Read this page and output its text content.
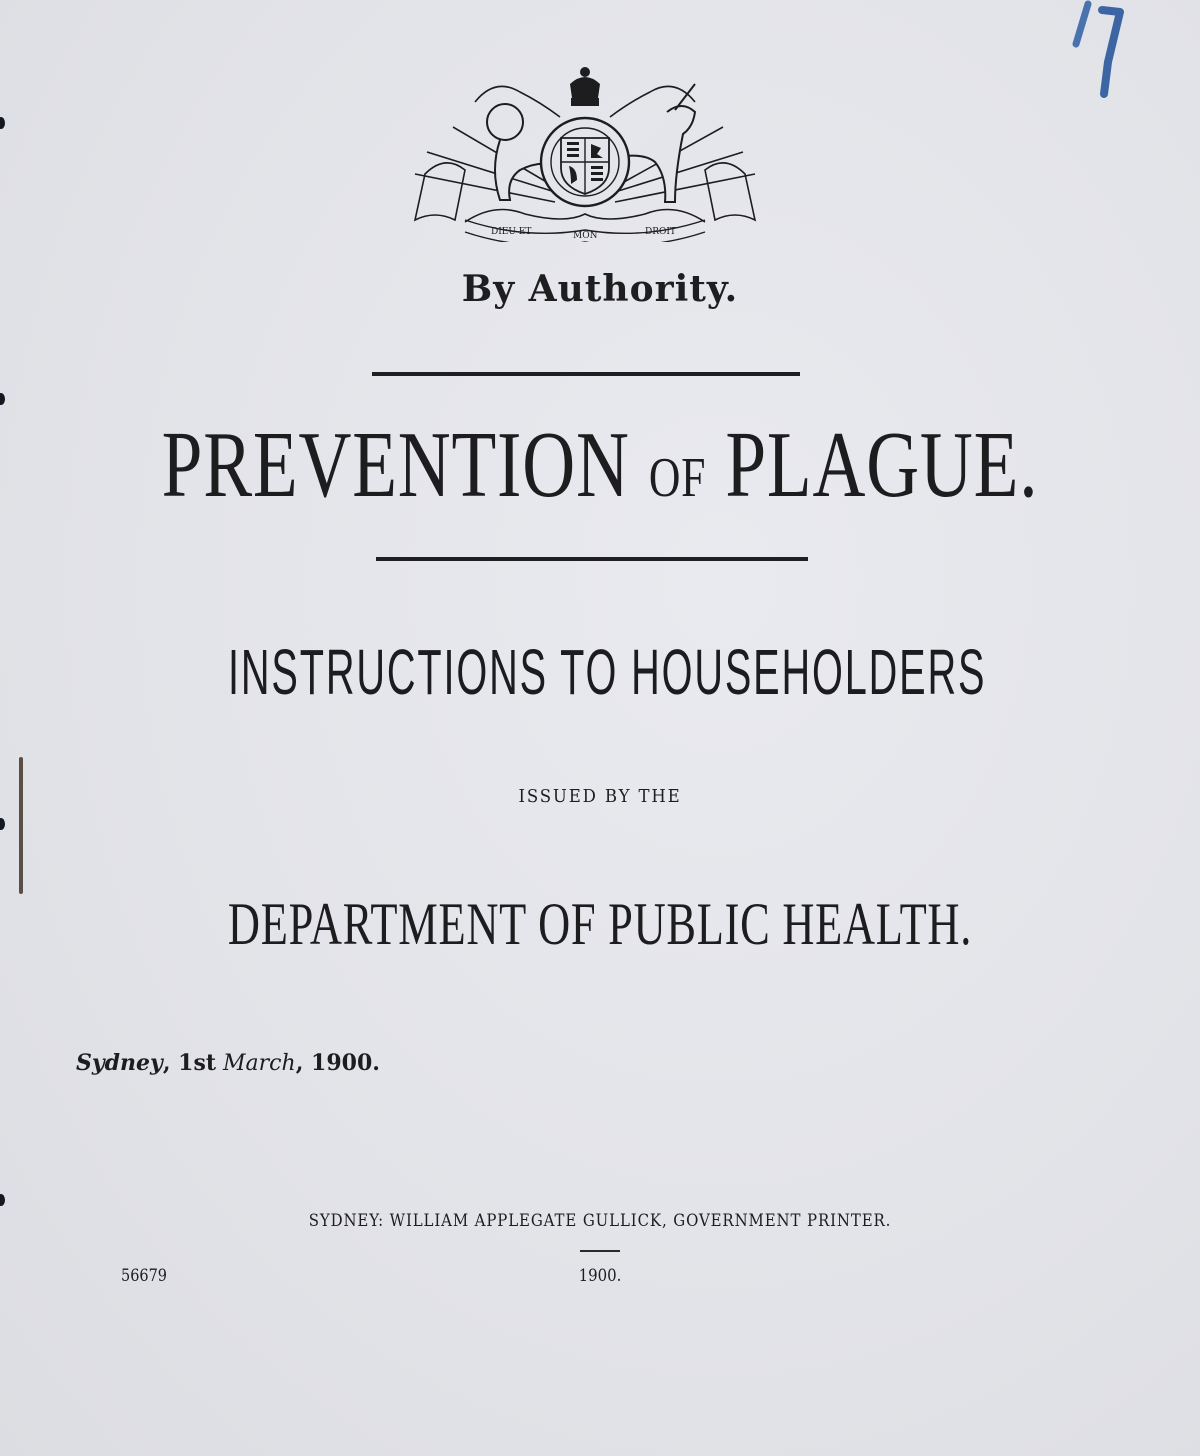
DIEU ET	MON	DROIT
By Authority.
PREVENTION OF PLAGUE.
INSTRUCTIONS TO HOUSEHOLDERS
ISSUED BY THE
DEPARTMENT OF PUBLIC HEALTH.
Sydney, 1st March, 1900.
SYDNEY: WILLIAM APPLEGATE GULLICK, GOVERNMENT PRINTER.
1900.
56679
